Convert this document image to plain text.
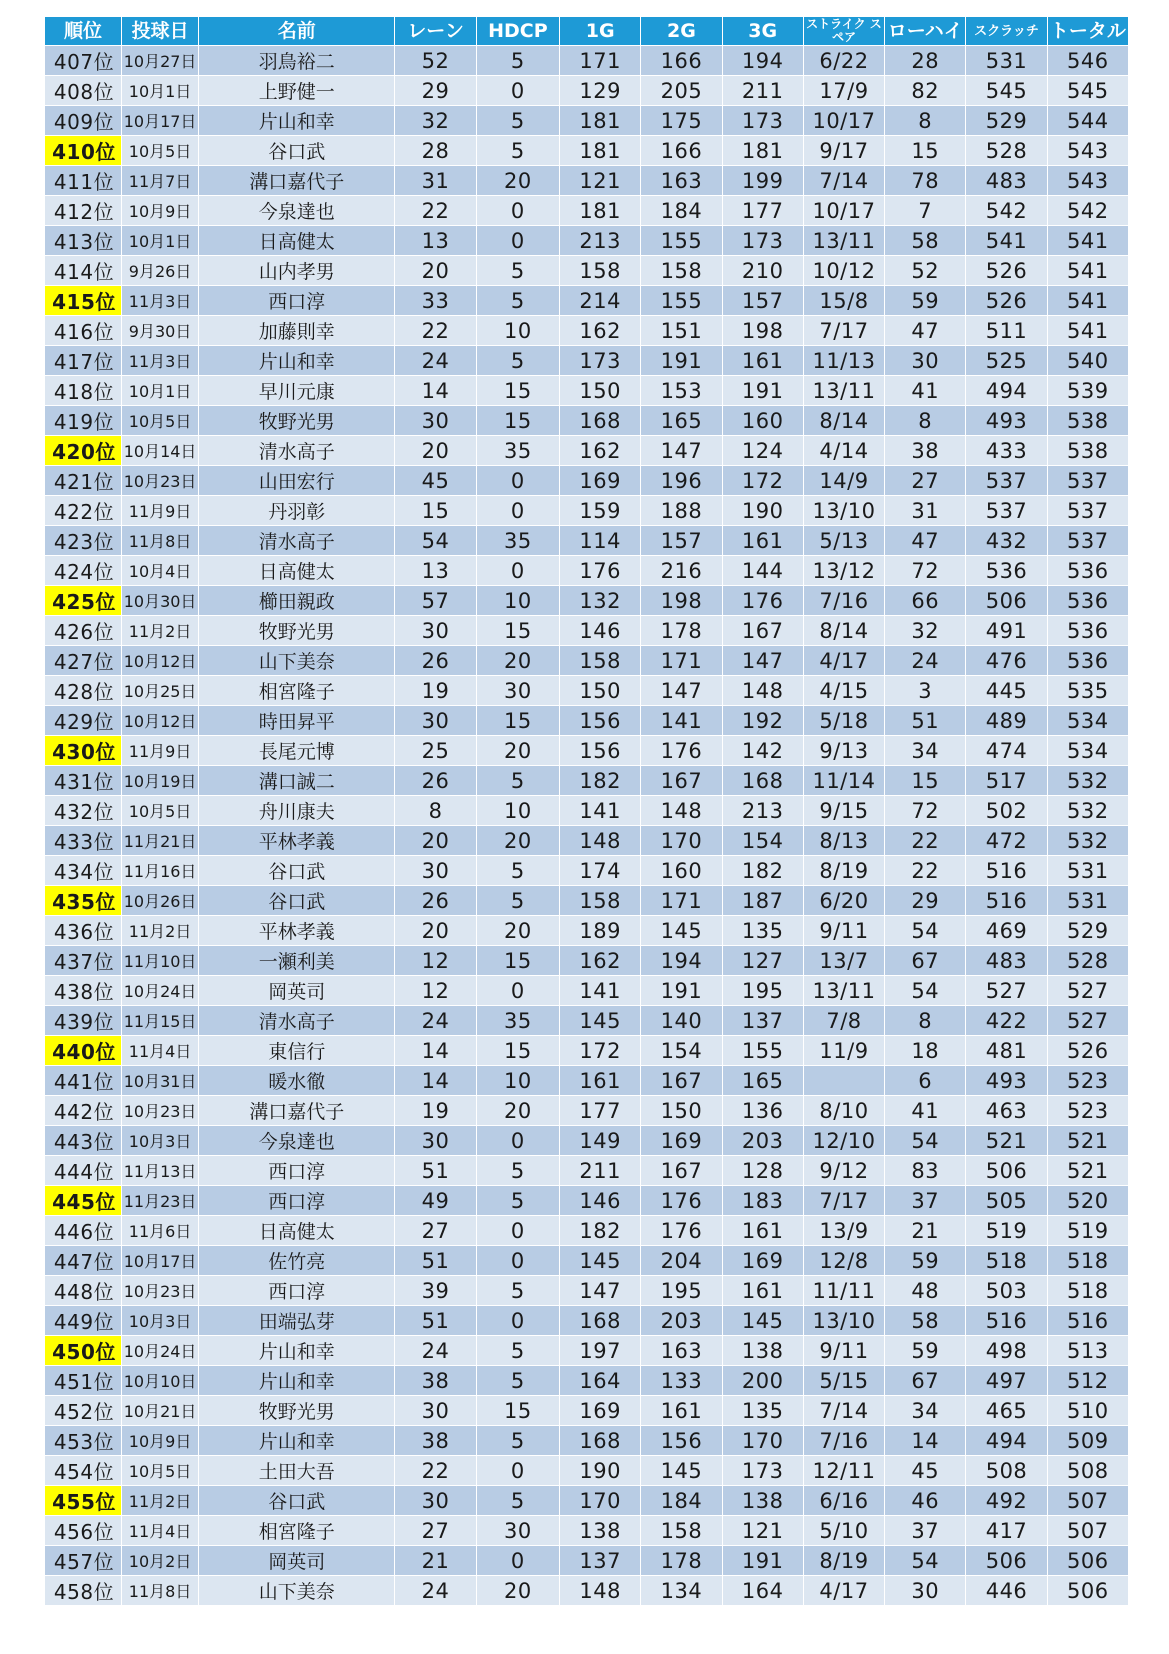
順位	投球日	名前	レーン	HDCP	1G	2G	3G	ストライク スペア	ローハイ	スクラッチ	トータル
407位	10月27日	羽鳥裕二	52	5	171	166	194	6/22	28	531	546
408位	10月1日	上野健一	29	0	129	205	211	17/9	82	545	545
409位	10月17日	片山和幸	32	5	181	175	173	10/17	8	529	544
410位	10月5日	谷口武	28	5	181	166	181	9/17	15	528	543
411位	11月7日	溝口嘉代子	31	20	121	163	199	7/14	78	483	543
412位	10月9日	今泉達也	22	0	181	184	177	10/17	7	542	542
413位	10月1日	日高健太	13	0	213	155	173	13/11	58	541	541
414位	9月26日	山内孝男	20	5	158	158	210	10/12	52	526	541
415位	11月3日	西口淳	33	5	214	155	157	15/8	59	526	541
416位	9月30日	加藤則幸	22	10	162	151	198	7/17	47	511	541
417位	11月3日	片山和幸	24	5	173	191	161	11/13	30	525	540
418位	10月1日	早川元康	14	15	150	153	191	13/11	41	494	539
419位	10月5日	牧野光男	30	15	168	165	160	8/14	8	493	538
420位	10月14日	清水高子	20	35	162	147	124	4/14	38	433	538
421位	10月23日	山田宏行	45	0	169	196	172	14/9	27	537	537
422位	11月9日	丹羽彰	15	0	159	188	190	13/10	31	537	537
423位	11月8日	清水高子	54	35	114	157	161	5/13	47	432	537
424位	10月4日	日高健太	13	0	176	216	144	13/12	72	536	536
425位	10月30日	櫛田親政	57	10	132	198	176	7/16	66	506	536
426位	11月2日	牧野光男	30	15	146	178	167	8/14	32	491	536
427位	10月12日	山下美奈	26	20	158	171	147	4/17	24	476	536
428位	10月25日	相宮隆子	19	30	150	147	148	4/15	3	445	535
429位	10月12日	時田昇平	30	15	156	141	192	5/18	51	489	534
430位	11月9日	長尾元博	25	20	156	176	142	9/13	34	474	534
431位	10月19日	溝口誠二	26	5	182	167	168	11/14	15	517	532
432位	10月5日	舟川康夫	8	10	141	148	213	9/15	72	502	532
433位	11月21日	平林孝義	20	20	148	170	154	8/13	22	472	532
434位	11月16日	谷口武	30	5	174	160	182	8/19	22	516	531
435位	10月26日	谷口武	26	5	158	171	187	6/20	29	516	531
436位	11月2日	平林孝義	20	20	189	145	135	9/11	54	469	529
437位	11月10日	一瀬利美	12	15	162	194	127	13/7	67	483	528
438位	10月24日	岡英司	12	0	141	191	195	13/11	54	527	527
439位	11月15日	清水高子	24	35	145	140	137	7/8	8	422	527
440位	11月4日	東信行	14	15	172	154	155	11/9	18	481	526
441位	10月31日	暖水徹	14	10	161	167	165		6	493	523
442位	10月23日	溝口嘉代子	19	20	177	150	136	8/10	41	463	523
443位	10月3日	今泉達也	30	0	149	169	203	12/10	54	521	521
444位	11月13日	西口淳	51	5	211	167	128	9/12	83	506	521
445位	11月23日	西口淳	49	5	146	176	183	7/17	37	505	520
446位	11月6日	日高健太	27	0	182	176	161	13/9	21	519	519
447位	10月17日	佐竹亮	51	0	145	204	169	12/8	59	518	518
448位	10月23日	西口淳	39	5	147	195	161	11/11	48	503	518
449位	10月3日	田端弘芽	51	0	168	203	145	13/10	58	516	516
450位	10月24日	片山和幸	24	5	197	163	138	9/11	59	498	513
451位	10月10日	片山和幸	38	5	164	133	200	5/15	67	497	512
452位	10月21日	牧野光男	30	15	169	161	135	7/14	34	465	510
453位	10月9日	片山和幸	38	5	168	156	170	7/16	14	494	509
454位	10月5日	土田大吾	22	0	190	145	173	12/11	45	508	508
455位	11月2日	谷口武	30	5	170	184	138	6/16	46	492	507
456位	11月4日	相宮隆子	27	30	138	158	121	5/10	37	417	507
457位	10月2日	岡英司	21	0	137	178	191	8/19	54	506	506
458位	11月8日	山下美奈	24	20	148	134	164	4/17	30	446	506
